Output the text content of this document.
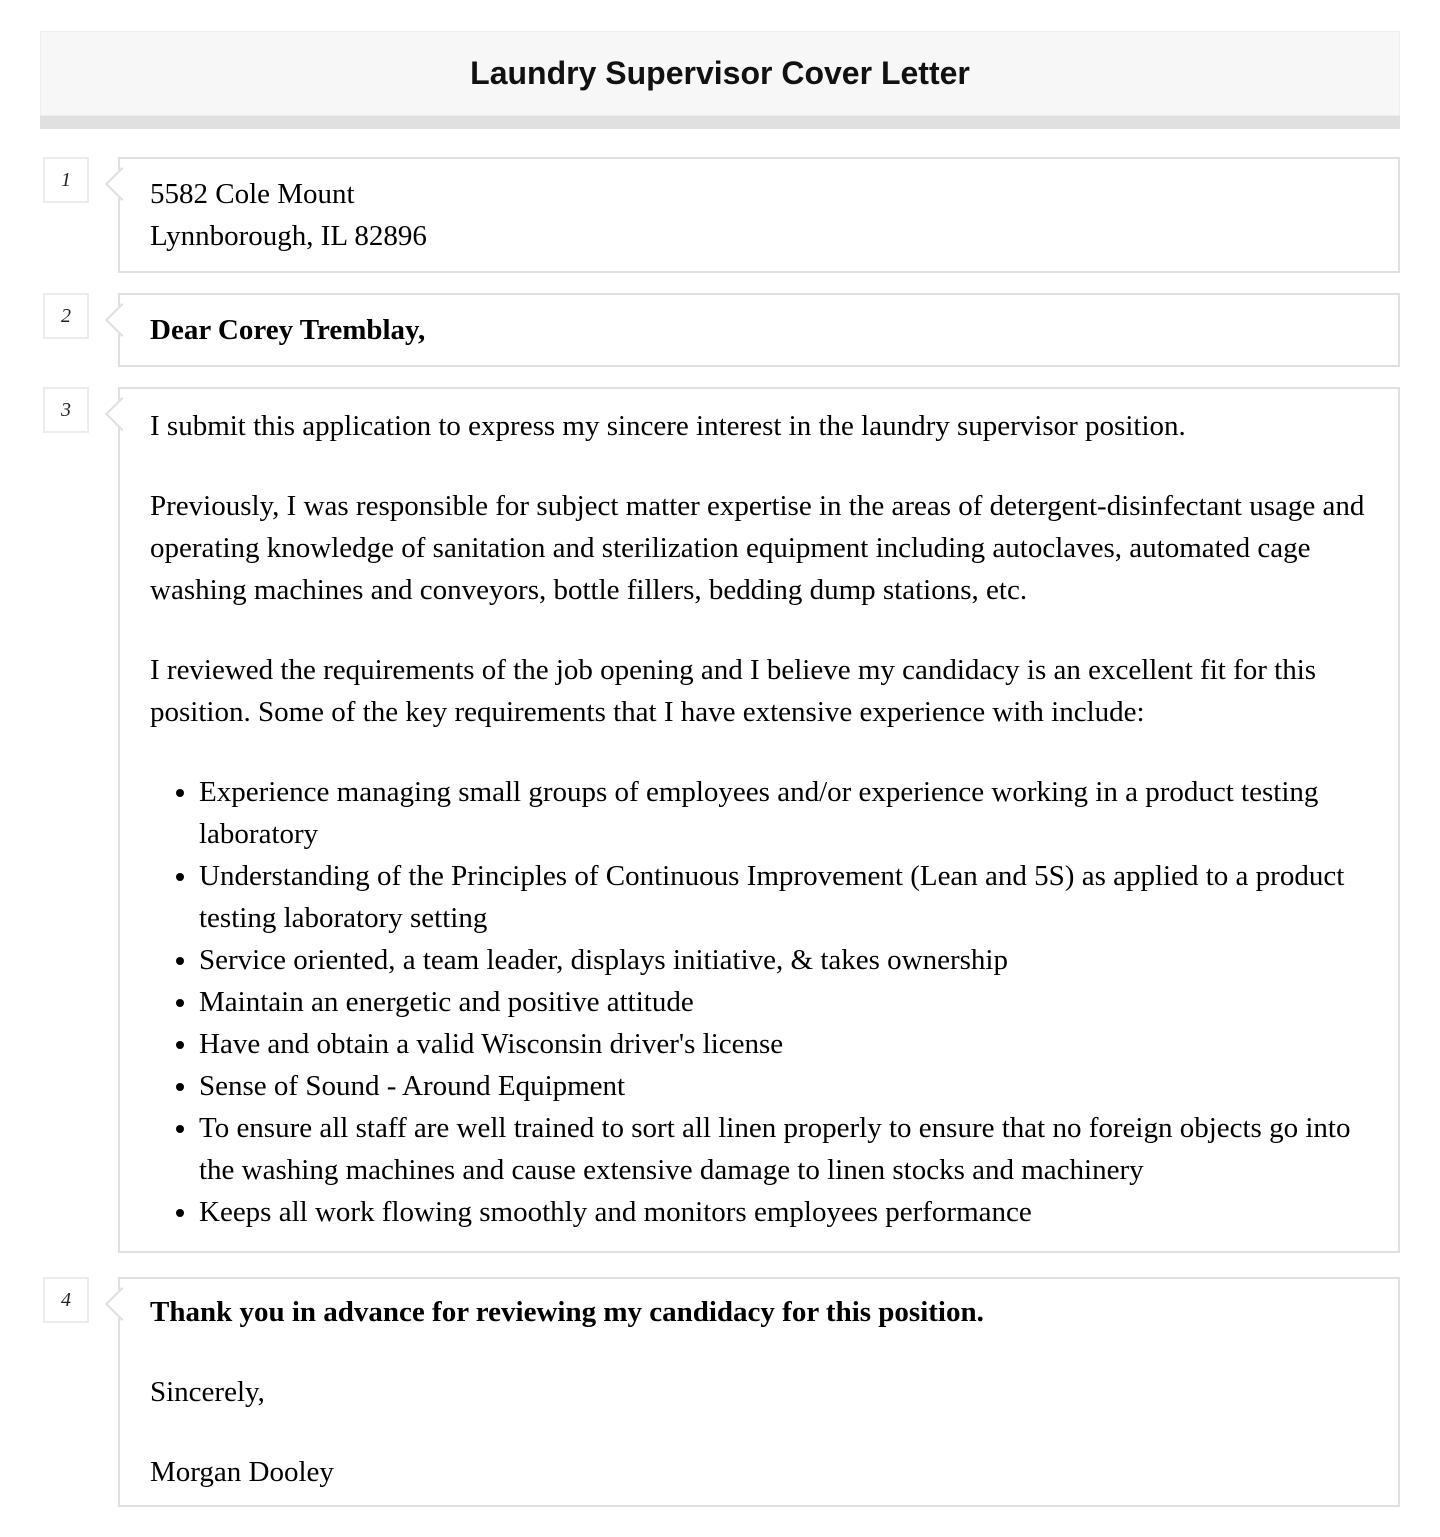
Laundry Supervisor Cover Letter
1	5582 Cole Mount
Lynnborough, IL 82896
2	Dear Corey Tremblay,
3

I submit this application to express my sincere interest in the laundry supervisor position.

Previously, I was responsible for subject matter expertise in the areas of detergent-disinfectant usage and operating knowledge of sanitation and sterilization equipment including autoclaves, automated cage washing machines and conveyors, bottle fillers, bedding dump stations, etc.

I reviewed the requirements of the job opening and I believe my candidacy is an excellent fit for this position. Some of the key requirements that I have extensive experience with include:

• Experience managing small groups of employees and/or experience working in a product testing laboratory
• Understanding of the Principles of Continuous Improvement (Lean and 5S) as applied to a product testing laboratory setting
• Service oriented, a team leader, displays initiative, & takes ownership
• Maintain an energetic and positive attitude
• Have and obtain a valid Wisconsin driver's license
• Sense of Sound - Around Equipment
• To ensure all staff are well trained to sort all linen properly to ensure that no foreign objects go into the washing machines and cause extensive damage to linen stocks and machinery
• Keeps all work flowing smoothly and monitors employees performance
4	Thank you in advance for reviewing my candidacy for this position.

Sincerely,

Morgan Dooley
